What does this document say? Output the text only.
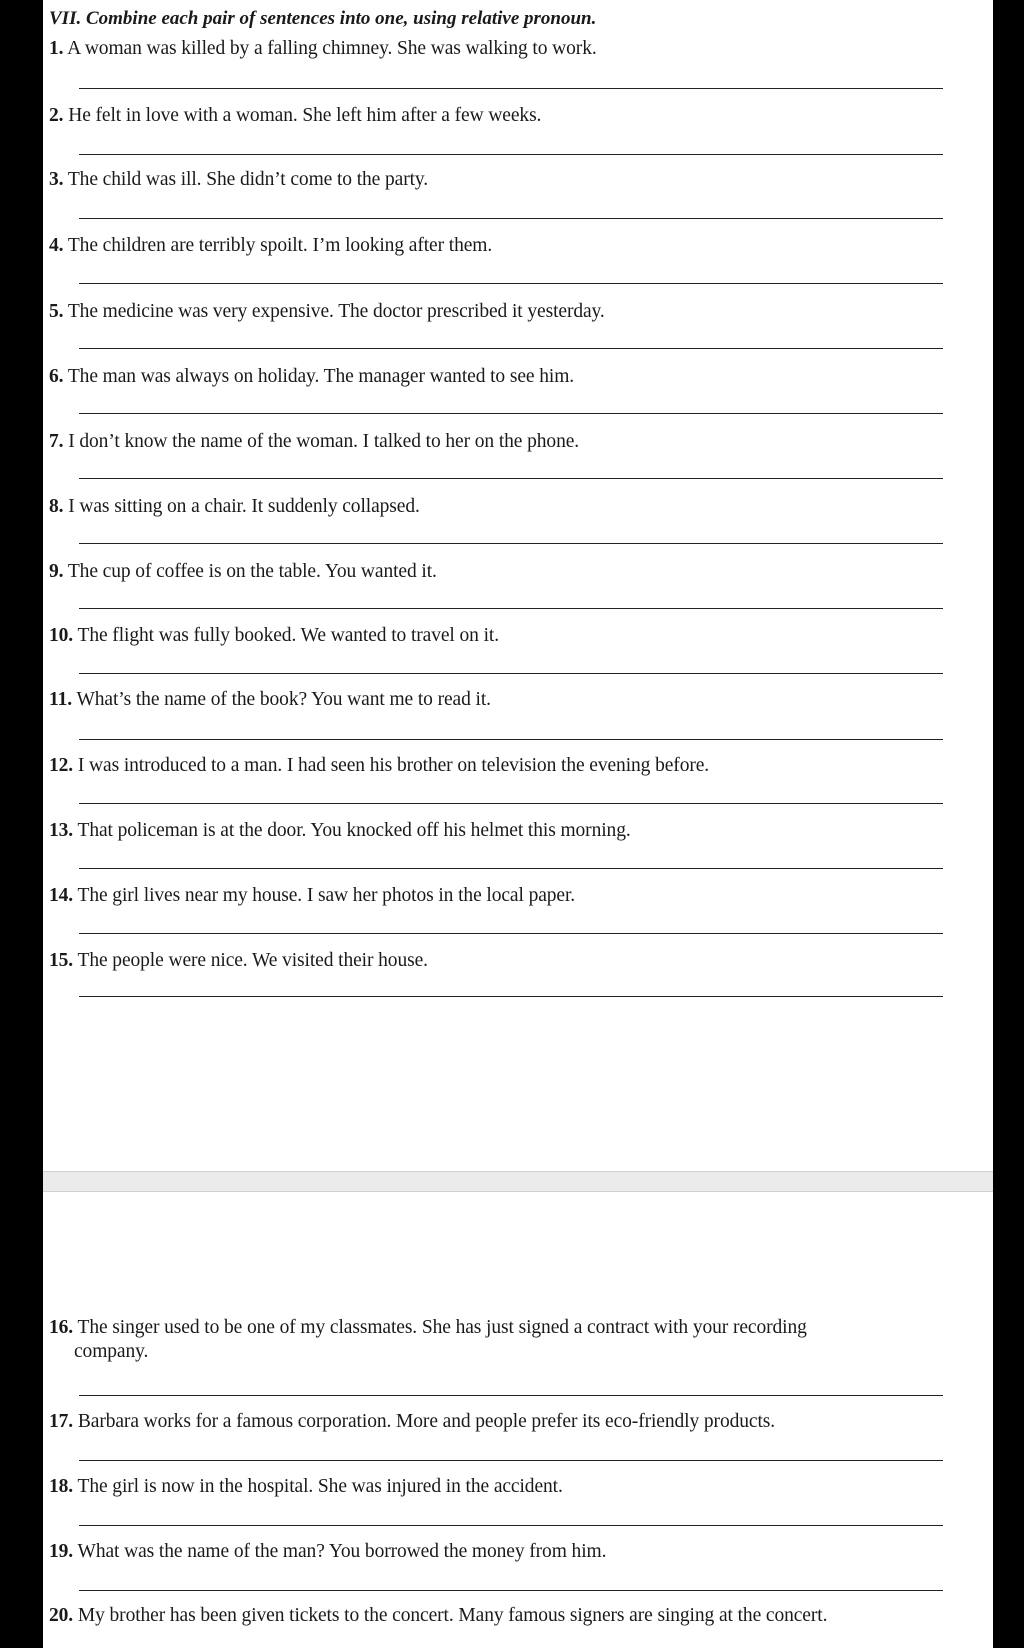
VII. Combine each pair of sentences into one, using relative pronoun.

1. A woman was killed by a falling chimney. She was walking to work.

2. He felt in love with a woman. She left him after a few weeks.

3. The child was ill. She didn’t come to the party.

4. The children are terribly spoilt. I’m looking after them.

5. The medicine was very expensive. The doctor prescribed it yesterday.

6. The man was always on holiday. The manager wanted to see him.

7. I don’t know the name of the woman. I talked to her on the phone.

8. I was sitting on a chair. It suddenly collapsed.

9. The cup of coffee is on the table. You wanted it.

10. The flight was fully booked. We wanted to travel on it.

11. What’s the name of the book? You want me to read it.

12. I was introduced to a man. I had seen his brother on television the evening before.

13. That policeman is at the door. You knocked off his helmet this morning.

14. The girl lives near my house. I saw her photos in the local paper.

15. The people were nice. We visited their house.

16. The singer used to be one of my classmates. She has just signed a contract with your recording
company.

17. Barbara works for a famous corporation. More and people prefer its eco-friendly products.

18. The girl is now in the hospital. She was injured in the accident.

19. What was the name of the man? You borrowed the money from him.

20. My brother has been given tickets to the concert. Many famous signers are singing at the concert.
